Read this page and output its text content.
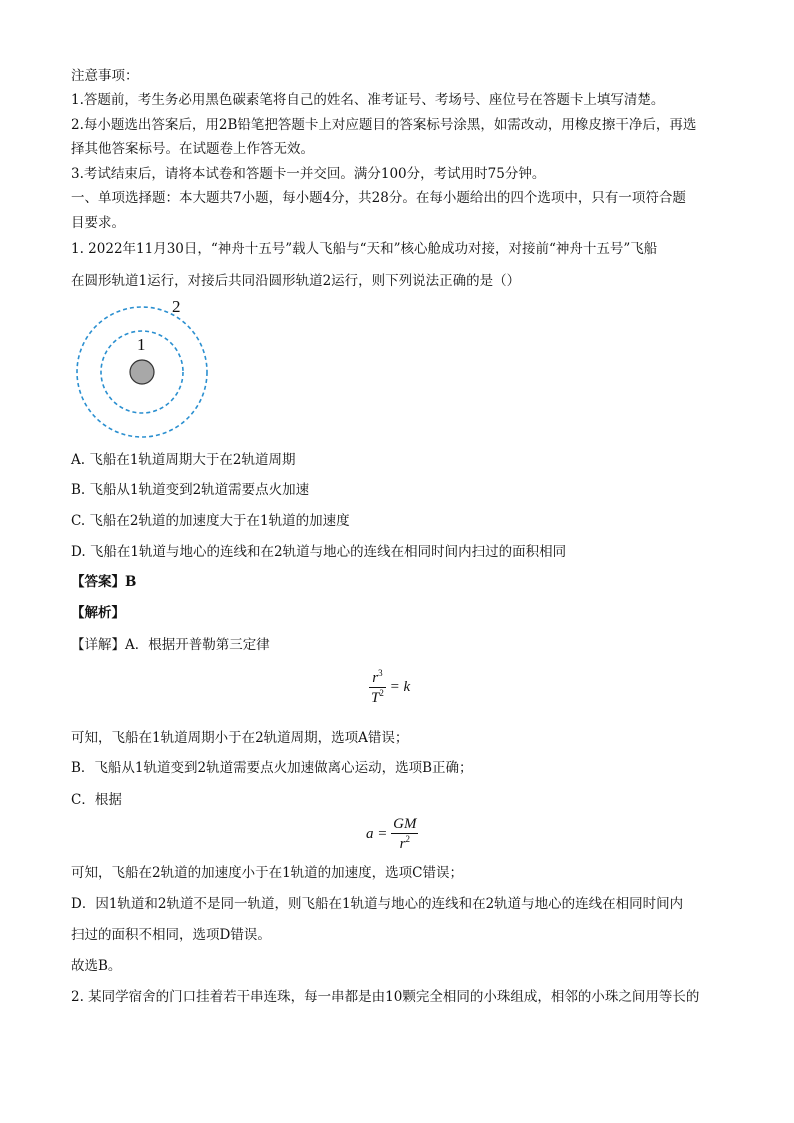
注意事项：
1.答题前，考生务必用黑色碳素笔将自己的姓名、准考证号、考场号、座位号在答题卡上填写清楚。
2.每小题选出答案后，用2B铅笔把答题卡上对应题目的答案标号涂黑，如需改动，用橡皮擦干净后，再选
择其他答案标号。在试题卷上作答无效。
3.考试结束后，请将本试卷和答题卡一并交回。满分100分，考试用时75分钟。
一、单项选择题：本大题共7小题，每小题4分，共28分。在每小题给出的四个选项中，只有一项符合题
目要求。
1. 2022年11月30日，“神舟十五号”载人飞船与“天和”核心舱成功对接，对接前“神舟十五号”飞船
在圆形轨道1运行，对接后共同沿圆形轨道2运行，则下列说法正确的是（）
1
2
A. 飞船在1轨道周期大于在2轨道周期
B. 飞船从1轨道变到2轨道需要点火加速
C. 飞船在2轨道的加速度大于在1轨道的加速度
D. 飞船在1轨道与地心的连线和在2轨道与地心的连线在相同时间内扫过的面积相同
【答案】B
【解析】
【详解】A．根据开普勒第三定律
$\frac{r^3}{T^2} = k$
可知，飞船在1轨道周期小于在2轨道周期，选项A错误；
B．飞船从1轨道变到2轨道需要点火加速做离心运动，选项B正确；
C．根据
$a = \frac{GM}{r^2}$
可知，飞船在2轨道的加速度小于在1轨道的加速度，选项C错误；
D．因1轨道和2轨道不是同一轨道，则飞船在1轨道与地心的连线和在2轨道与地心的连线在相同时间内
扫过的面积不相同，选项D错误。
故选B。
2. 某同学宿舍的门口挂着若干串连珠，每一串都是由10颗完全相同的小珠组成，相邻的小珠之间用等长的
